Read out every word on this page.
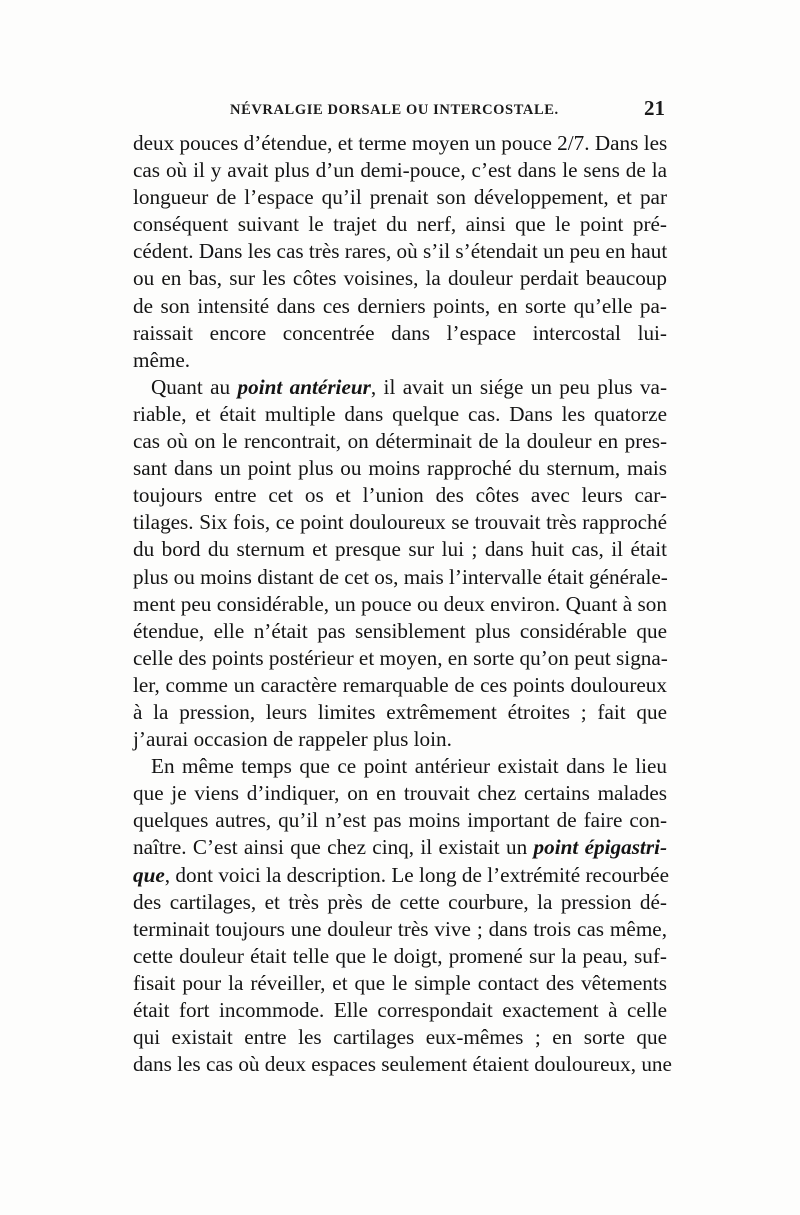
NÉVRALGIE DORSALE OU INTERCOSTALE.	21
deux pouces d’étendue, et terme moyen un pouce 2/7. Dans les
cas où il y avait plus d’un demi-pouce, c’est dans le sens de la
longueur de l’espace qu’il prenait son développement, et par
conséquent suivant le trajet du nerf, ainsi que le point pré-
cédent. Dans les cas très rares, où s’il s’étendait un peu en haut
ou en bas, sur les côtes voisines, la douleur perdait beaucoup
de son intensité dans ces derniers points, en sorte qu’elle pa-
raissait encore concentrée dans l’espace intercostal lui-
même.
Quant au point antérieur, il avait un siége un peu plus va-
riable, et était multiple dans quelque cas. Dans les quatorze
cas où on le rencontrait, on déterminait de la douleur en pres-
sant dans un point plus ou moins rapproché du sternum, mais
toujours entre cet os et l’union des côtes avec leurs car-
tilages. Six fois, ce point douloureux se trouvait très rapproché
du bord du sternum et presque sur lui ; dans huit cas, il était
plus ou moins distant de cet os, mais l’intervalle était générale-
ment peu considérable, un pouce ou deux environ. Quant à son
étendue, elle n’était pas sensiblement plus considérable que
celle des points postérieur et moyen, en sorte qu’on peut signa-
ler, comme un caractère remarquable de ces points douloureux
à la pression, leurs limites extrêmement étroites ; fait que
j’aurai occasion de rappeler plus loin.
En même temps que ce point antérieur existait dans le lieu
que je viens d’indiquer, on en trouvait chez certains malades
quelques autres, qu’il n’est pas moins important de faire con-
naître. C’est ainsi que chez cinq, il existait un point épigastri-
que, dont voici la description. Le long de l’extrémité recourbée
des cartilages, et très près de cette courbure, la pression dé-
terminait toujours une douleur très vive ; dans trois cas même,
cette douleur était telle que le doigt, promené sur la peau, suf-
fisait pour la réveiller, et que le simple contact des vêtements
était fort incommode. Elle correspondait exactement à celle
qui existait entre les cartilages eux-mêmes ; en sorte que
dans les cas où deux espaces seulement étaient douloureux, une
